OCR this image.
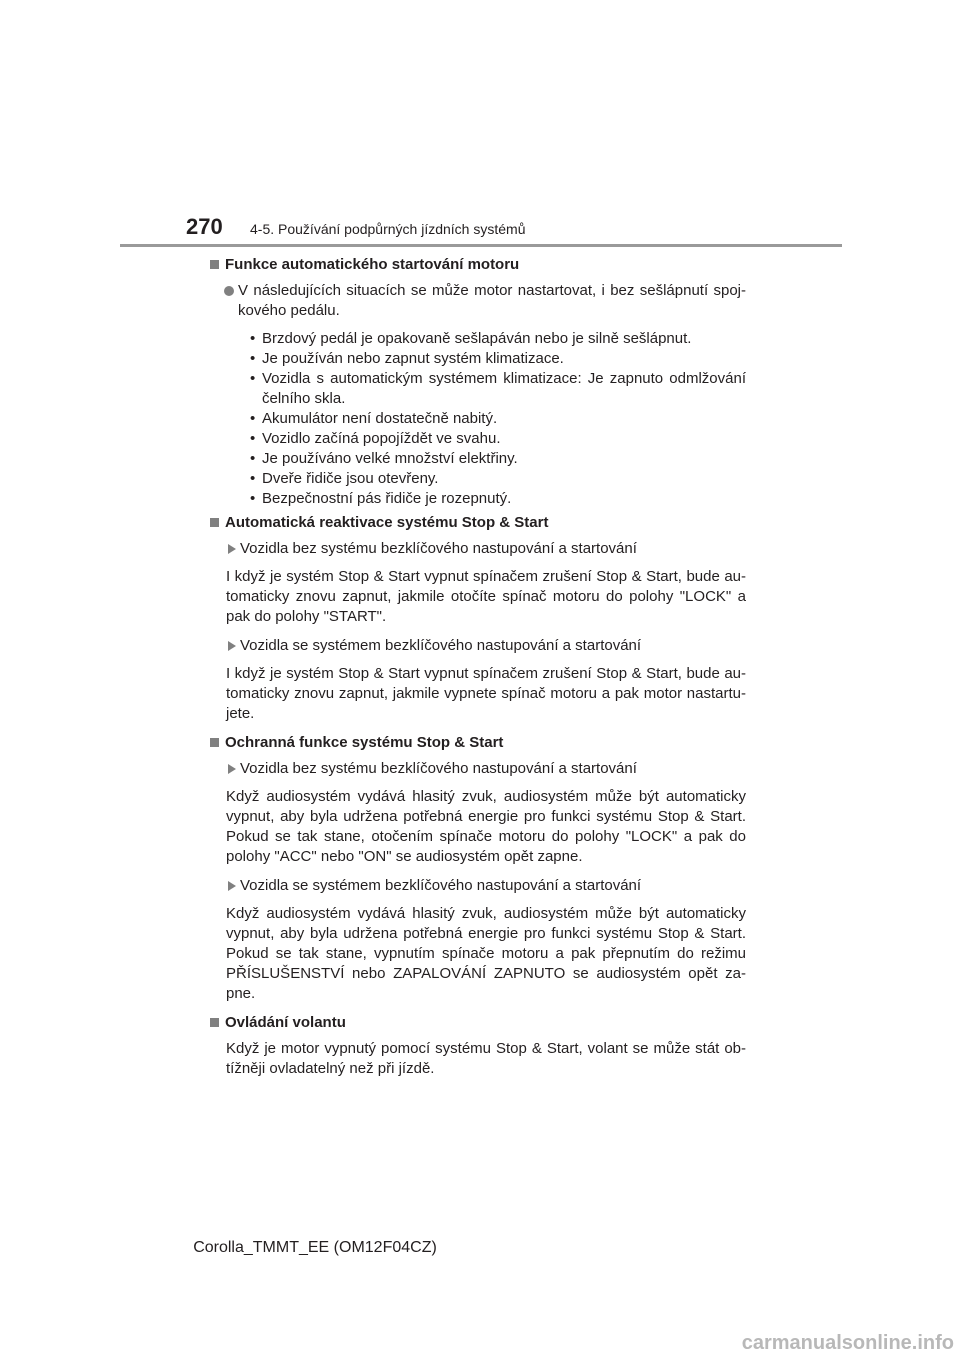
270 4-5. Používání podpůrných jízdních systémů
Funkce automatického startování motoru
V následujících situacích se může motor nastartovat, i bez sešlápnutí spoj-kového pedálu.
• Brzdový pedál je opakovaně sešlapáván nebo je silně sešlápnut.
• Je používán nebo zapnut systém klimatizace.
• Vozidla s automatickým systémem klimatizace: Je zapnuto odmlžování čelního skla.
• Akumulátor není dostatečně nabitý.
• Vozidlo začíná popojíždět ve svahu.
• Je používáno velké množství elektřiny.
• Dveře řidiče jsou otevřeny.
• Bezpečnostní pás řidiče je rozepnutý.
Automatická reaktivace systému Stop & Start
Vozidla bez systému bezklíčového nastupování a startování
I když je systém Stop & Start vypnut spínačem zrušení Stop & Start, bude au-tomaticky znovu zapnut, jakmile otočíte spínač motoru do polohy "LOCK" a pak do polohy "START".
Vozidla se systémem bezklíčového nastupování a startování
I když je systém Stop & Start vypnut spínačem zrušení Stop & Start, bude au-tomaticky znovu zapnut, jakmile vypnete spínač motoru a pak motor nastartu-jete.
Ochranná funkce systému Stop & Start
Vozidla bez systému bezklíčového nastupování a startování
Když audiosystém vydává hlasitý zvuk, audiosystém může být automaticky vypnut, aby byla udržena potřebná energie pro funkci systému Stop & Start. Pokud se tak stane, otočením spínače motoru do polohy "LOCK" a pak do polohy "ACC" nebo "ON" se audiosystém opět zapne.
Vozidla se systémem bezklíčového nastupování a startování
Když audiosystém vydává hlasitý zvuk, audiosystém může být automaticky vypnut, aby byla udržena potřebná energie pro funkci systému Stop & Start. Pokud se tak stane, vypnutím spínače motoru a pak přepnutím do režimu PŘÍSLUŠENSTVÍ nebo ZAPALOVÁNÍ ZAPNUTO se audiosystém opět za-pne.
Ovládání volantu
Když je motor vypnutý pomocí systému Stop & Start, volant se může stát ob-tížněji ovladatelný než při jízdě.
Corolla_TMMT_EE (OM12F04CZ)
carmanualsonline.info
